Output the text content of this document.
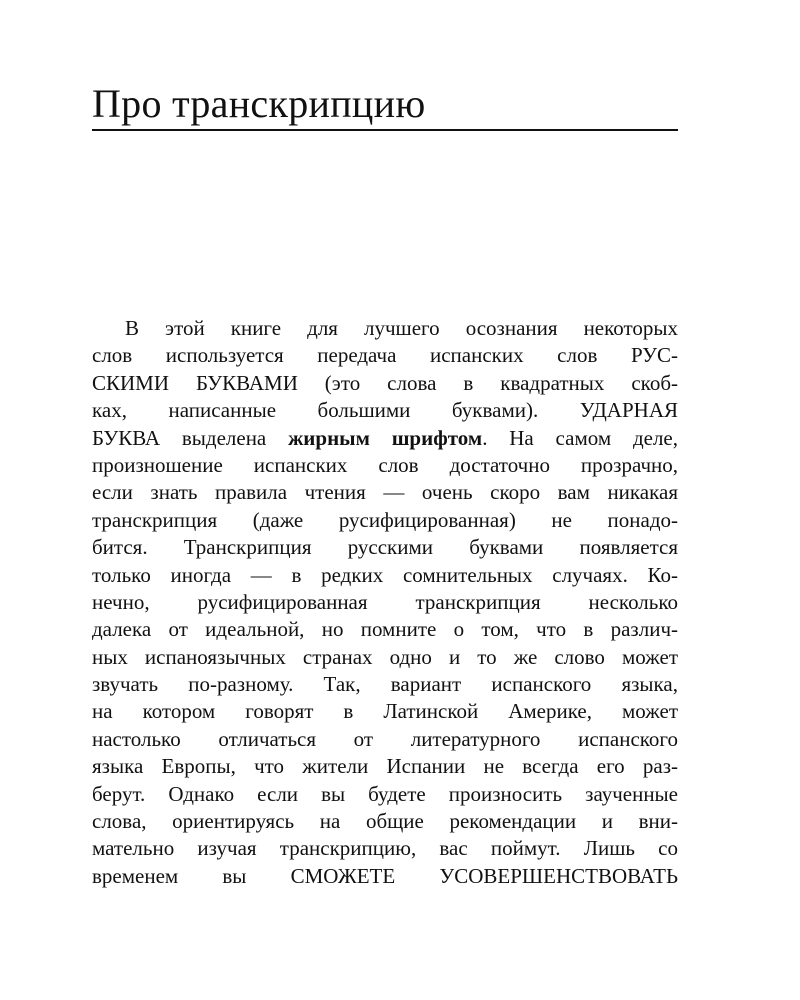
Про транскрипцию
В этой книге для лучшего осознания некоторых
слов используется передача испанских слов РУС-
СКИМИ БУКВАМИ (это слова в квадратных скоб-
ках, написанные большими буквами). УДАРНАЯ
БУКВА выделена жирным шрифтом. На самом деле,
произношение испанских слов достаточно прозрачно,
если знать правила чтения — очень скоро вам никакая
транскрипция (даже русифицированная) не понадо-
бится. Транскрипция русскими буквами появляется
только иногда — в редких сомнительных случаях. Ко-
нечно, русифицированная транскрипция несколько
далека от идеальной, но помните о том, что в различ-
ных испаноязычных странах одно и то же слово может
звучать по-разному. Так, вариант испанского языка,
на котором говорят в Латинской Америке, может
настолько отличаться от литературного испанского
языка Европы, что жители Испании не всегда его раз-
берут. Однако если вы будете произносить заученные
слова, ориентируясь на общие рекомендации и вни-
мательно изучая транскрипцию, вас поймут. Лишь со
временем вы СМОЖЕТЕ УСОВЕРШЕНСТВОВАТЬ
